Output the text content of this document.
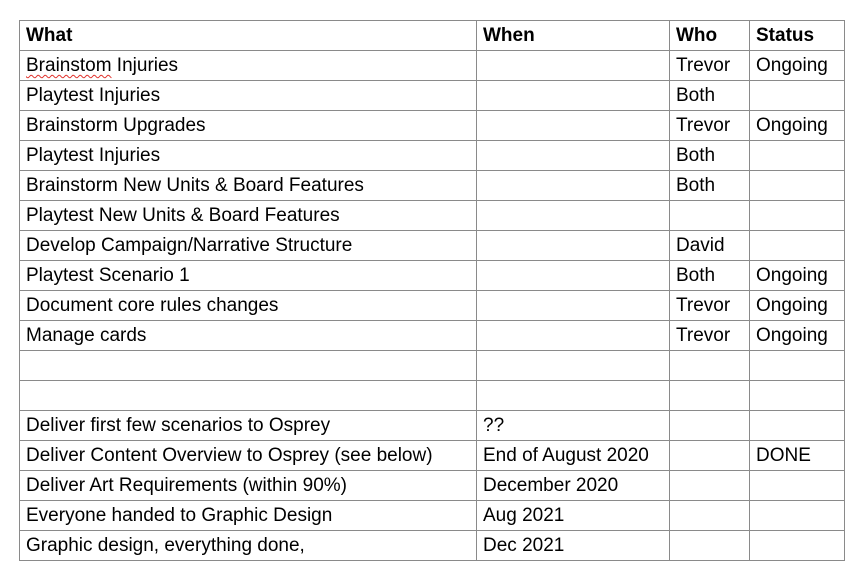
What	When	Who	Status
Brainstom Injuries		Trevor	Ongoing
Playtest Injuries		Both	
Brainstorm Upgrades		Trevor	Ongoing
Playtest Injuries		Both	
Brainstorm New Units & Board Features		Both	
Playtest New Units & Board Features			
Develop Campaign/Narrative Structure		David	
Playtest Scenario 1		Both	Ongoing
Document core rules changes		Trevor	Ongoing
Manage cards		Trevor	Ongoing

Deliver first few scenarios to Osprey	??		
Deliver Content Overview to Osprey (see below)	End of August 2020		DONE
Deliver Art Requirements (within 90%)	December 2020		
Everyone handed to Graphic Design	Aug 2021		
Graphic design, everything done,	Dec 2021		
